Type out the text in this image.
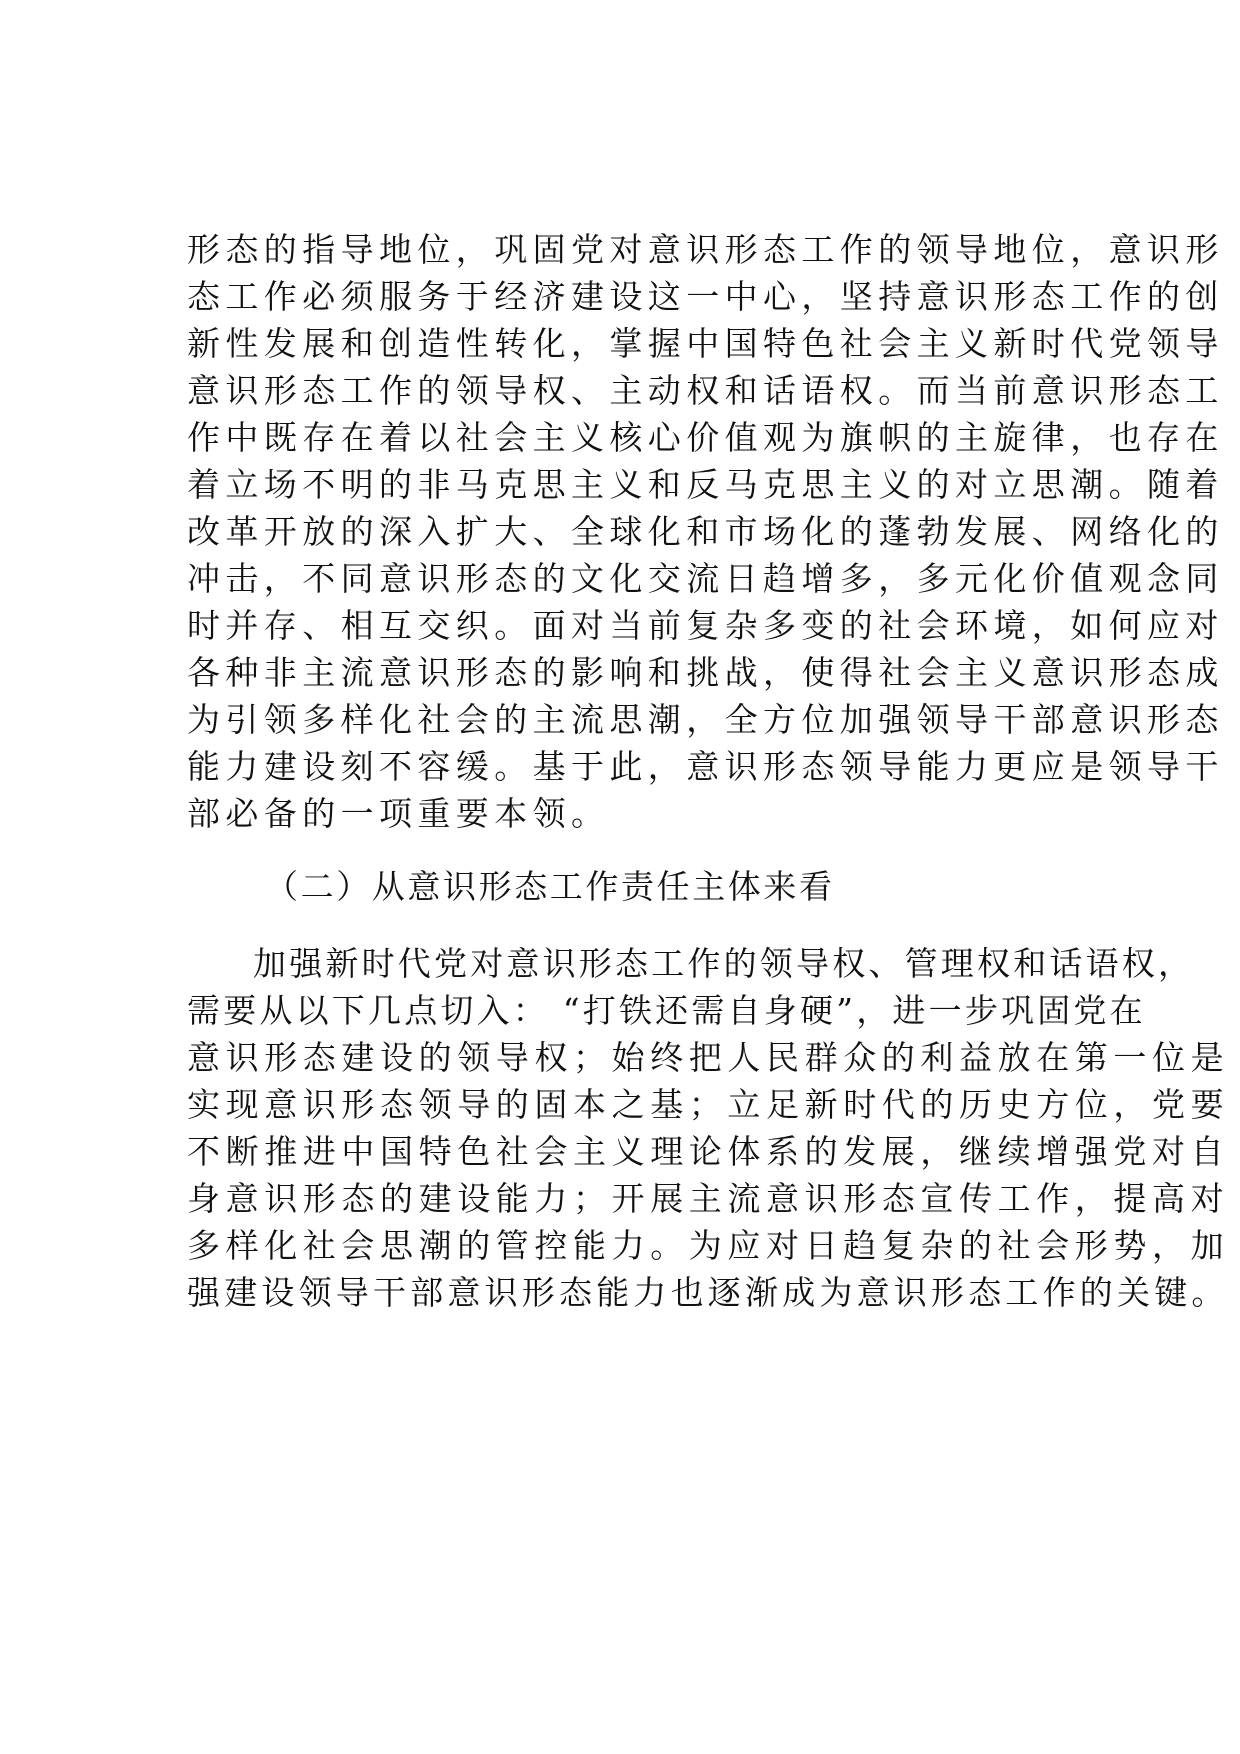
形态的指导地位，巩固党对意识形态工作的领导地位，意识形
态工作必须服务于经济建设这一中心，坚持意识形态工作的创
新性发展和创造性转化，掌握中国特色社会主义新时代党领导
意识形态工作的领导权、主动权和话语权。而当前意识形态工
作中既存在着以社会主义核心价值观为旗帜的主旋律，也存在
着立场不明的非马克思主义和反马克思主义的对立思潮。随着
改革开放的深入扩大、全球化和市场化的蓬勃发展、网络化的
冲击，不同意识形态的文化交流日趋增多，多元化价值观念同
时并存、相互交织。面对当前复杂多变的社会环境，如何应对
各种非主流意识形态的影响和挑战，使得社会主义意识形态成
为引领多样化社会的主流思潮，全方位加强领导干部意识形态
能力建设刻不容缓。基于此，意识形态领导能力更应是领导干
部必备的一项重要本领。
（二）从意识形态工作责任主体来看
加强新时代党对意识形态工作的领导权、管理权和话语权，
需要从以下几点切入： “打铁还需自身硬”，进一步巩固党在
意识形态建设的领导权；始终把人民群众的利益放在第一位是
实现意识形态领导的固本之基；立足新时代的历史方位，党要
不断推进中国特色社会主义理论体系的发展，继续增强党对自
身意识形态的建设能力；开展主流意识形态宣传工作，提高对
多样化社会思潮的管控能力。为应对日趋复杂的社会形势，加
强建设领导干部意识形态能力也逐渐成为意识形态工作的关键。
